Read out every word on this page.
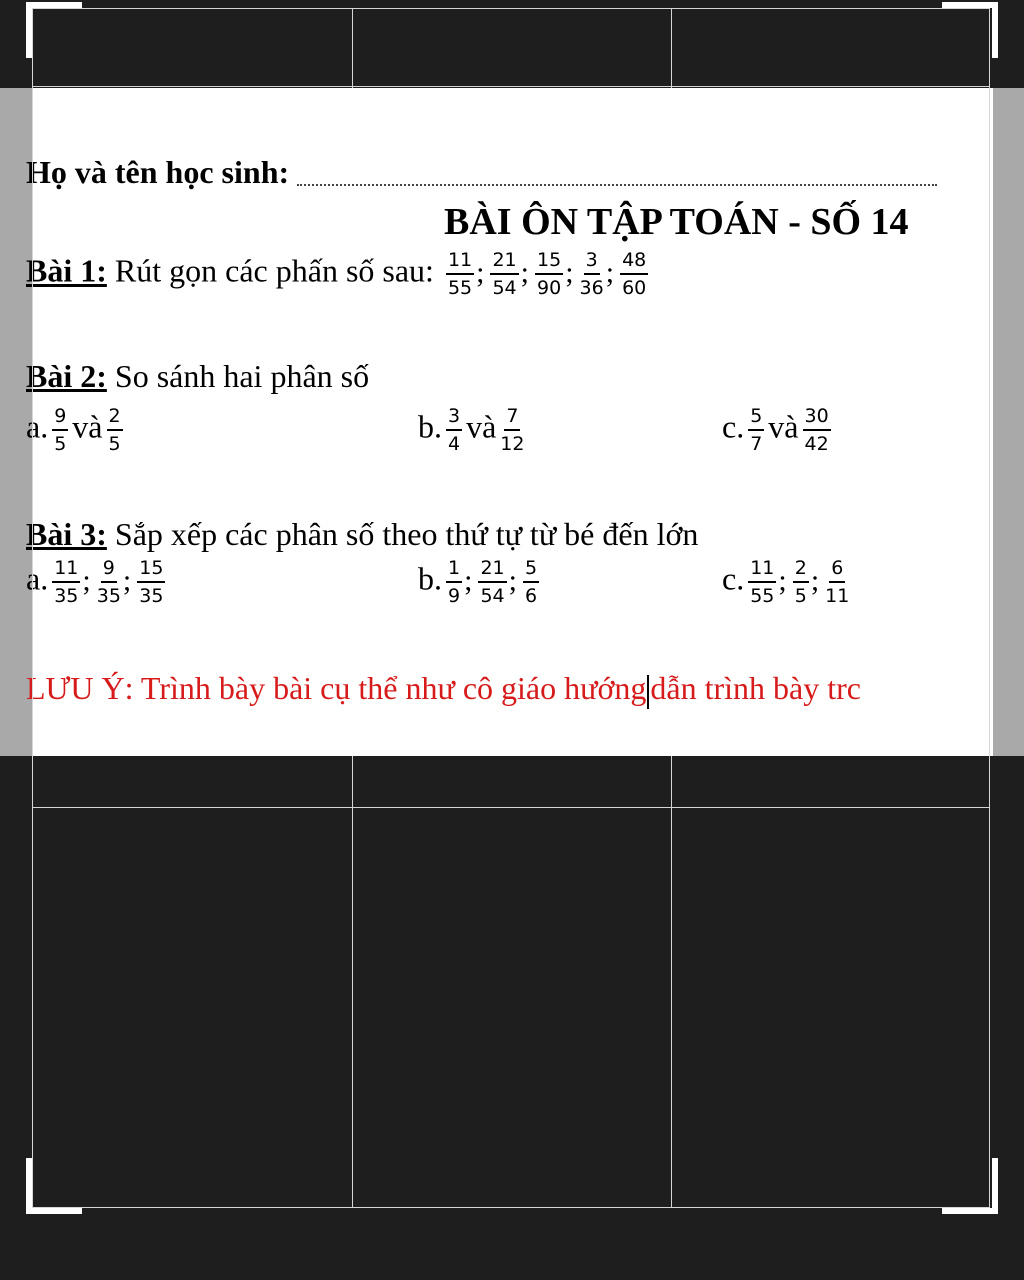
Họ và tên học sinh:
BÀI ÔN TẬP TOÁN - SỐ 14
Bài 1: Rút gọn các phấn số sau: $\frac{11}{55}$ ; $\frac{21}{54}$ ; $\frac{15}{90}$ ; $\frac{3}{36}$ ; $\frac{48}{60}$
Bài 2: So sánh hai phân số
a. $\frac{9}{5}$ và $\frac{2}{5}$	b. $\frac{3}{4}$ và $\frac{7}{12}$	c. $\frac{5}{7}$ và $\frac{30}{42}$
Bài 3: Sắp xếp các phân số theo thứ tự từ bé đến lớn
a. $\frac{11}{35}$ ; $\frac{9}{35}$ ; $\frac{15}{35}$	b. $\frac{1}{9}$ ; $\frac{21}{54}$ ; $\frac{5}{6}$	c. $\frac{11}{55}$ ; $\frac{2}{5}$ ; $\frac{6}{11}$
LƯU Ý: Trình bày bài cụ thể như cô giáo hướng dẫn trình bày trc
